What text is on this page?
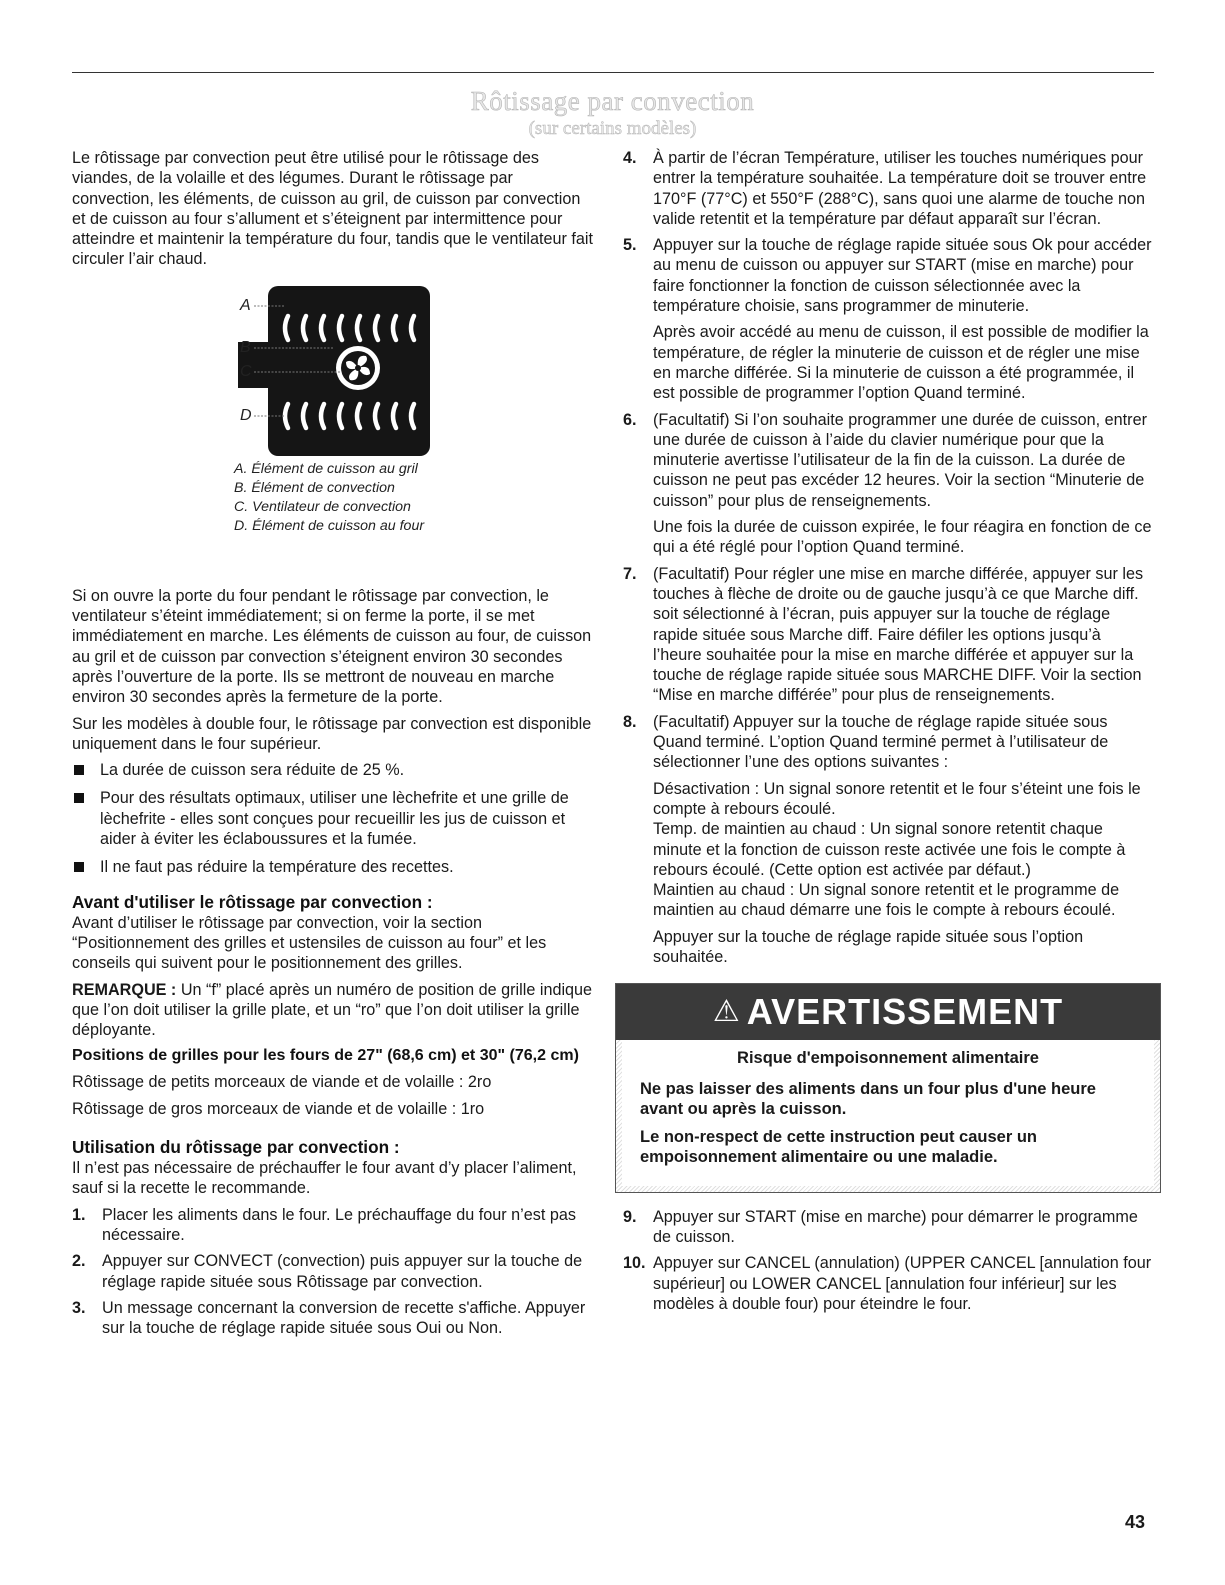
Rôtissage par convection
(sur certains modèles)

Le rôtissage par convection peut être utilisé pour le rôtissage des viandes, de la volaille et des légumes. Durant le rôtissage par convection, les éléments, de cuisson au gril, de cuisson par convection et de cuisson au four s’allument et s’éteignent par intermittence pour atteindre et maintenir la température du four, tandis que le ventilateur fait circuler l’air chaud.

A
B
C
D
A. Élément de cuisson au gril
B. Élément de convection
C. Ventilateur de convection
D. Élément de cuisson au four

Si on ouvre la porte du four pendant le rôtissage par convection, le ventilateur s’éteint immédiatement; si on ferme la porte, il se met immédiatement en marche. Les éléments de cuisson au four, de cuisson au gril et de cuisson par convection s’éteignent environ 30 secondes après l’ouverture de la porte. Ils se mettront de nouveau en marche environ 30 secondes après la fermeture de la porte.

Sur les modèles à double four, le rôtissage par convection est disponible uniquement dans le four supérieur.

La durée de cuisson sera réduite de 25 %.
Pour des résultats optimaux, utiliser une lèchefrite et une grille de lèchefrite - elles sont conçues pour recueillir les jus de cuisson et aider à éviter les éclaboussures et la fumée.
Il ne faut pas réduire la température des recettes.
Avant d'utiliser le rôtissage par convection :

Avant d’utiliser le rôtissage par convection, voir la section “Positionnement des grilles et ustensiles de cuisson au four” et les conseils qui suivent pour le positionnement des grilles.

REMARQUE : Un “f” placé après un numéro de position de grille indique que l’on doit utiliser la grille plate, et un “ro” que l’on doit utiliser la grille déployante.

Positions de grilles pour les fours de 27" (68,6 cm) et 30" (76,2 cm)

Rôtissage de petits morceaux de viande et de volaille : 2ro

Rôtissage de gros morceaux de viande et de volaille : 1ro

Utilisation du rôtissage par convection :

Il n’est pas nécessaire de préchauffer le four avant d’y placer l’aliment, sauf si la recette le recommande.

1.	Placer les aliments dans le four. Le préchauffage du four n’est pas nécessaire.
2.	Appuyer sur CONVECT (convection) puis appuyer sur la touche de réglage rapide située sous Rôtissage par convection.
3.	Un message concernant la conversion de recette s'affiche. Appuyer sur la touche de réglage rapide située sous Oui ou Non.
4.	À partir de l’écran Température, utiliser les touches numériques pour entrer la température souhaitée. La température doit se trouver entre 170°F (77°C) et 550°F (288°C), sans quoi une alarme de touche non valide retentit et la température par défaut apparaît sur l’écran.
5.	Appuyer sur la touche de réglage rapide située sous Ok pour accéder au menu de cuisson ou appuyer sur START (mise en marche) pour faire fonctionner la fonction de cuisson sélectionnée avec la température choisie, sans programmer de minuterie.

Après avoir accédé au menu de cuisson, il est possible de modifier la température, de régler la minuterie de cuisson et de régler une mise en marche différée. Si la minuterie de cuisson a été programmée, il est possible de programmer l’option Quand terminé.

6.	(Facultatif) Si l’on souhaite programmer une durée de cuisson, entrer une durée de cuisson à l’aide du clavier numérique pour que la minuterie avertisse l’utilisateur de la fin de la cuisson. La durée de cuisson ne peut pas excéder 12 heures. Voir la section “Minuterie de cuisson” pour plus de renseignements.

Une fois la durée de cuisson expirée, le four réagira en fonction de ce qui a été réglé pour l’option Quand terminé.

7.	(Facultatif) Pour régler une mise en marche différée, appuyer sur les touches à flèche de droite ou de gauche jusqu’à ce que Marche diff. soit sélectionné à l’écran, puis appuyer sur la touche de réglage rapide située sous Marche diff. Faire défiler les options jusqu’à l’heure souhaitée pour la mise en marche différée et appuyer sur la touche de réglage rapide située sous MARCHE DIFF. Voir la section “Mise en marche différée” pour plus de renseignements.
8.	(Facultatif) Appuyer sur la touche de réglage rapide située sous Quand terminé. L’option Quand terminé permet à l’utilisateur de sélectionner l’une des options suivantes :
Désactivation : Un signal sonore retentit et le four s’éteint une fois le compte à rebours écoulé.
Temp. de maintien au chaud : Un signal sonore retentit chaque minute et la fonction de cuisson reste activée une fois le compte à rebours écoulé. (Cette option est activée par défaut.)
Maintien au chaud : Un signal sonore retentit et le programme de maintien au chaud démarre une fois le compte à rebours écoulé.

Appuyer sur la touche de réglage rapide située sous l’option souhaitée.

⚠ AVERTISSEMENT
Risque d'empoisonnement alimentaire
Ne pas laisser des aliments dans un four plus d'une heure avant ou après la cuisson.
Le non-respect de cette instruction peut causer un empoisonnement alimentaire ou une maladie.
9.	Appuyer sur START (mise en marche) pour démarrer le programme de cuisson.
10. Appuyer sur CANCEL (annulation) (UPPER CANCEL [annulation four supérieur] ou LOWER CANCEL [annulation four inférieur] sur les modèles à double four) pour éteindre le four.
43
